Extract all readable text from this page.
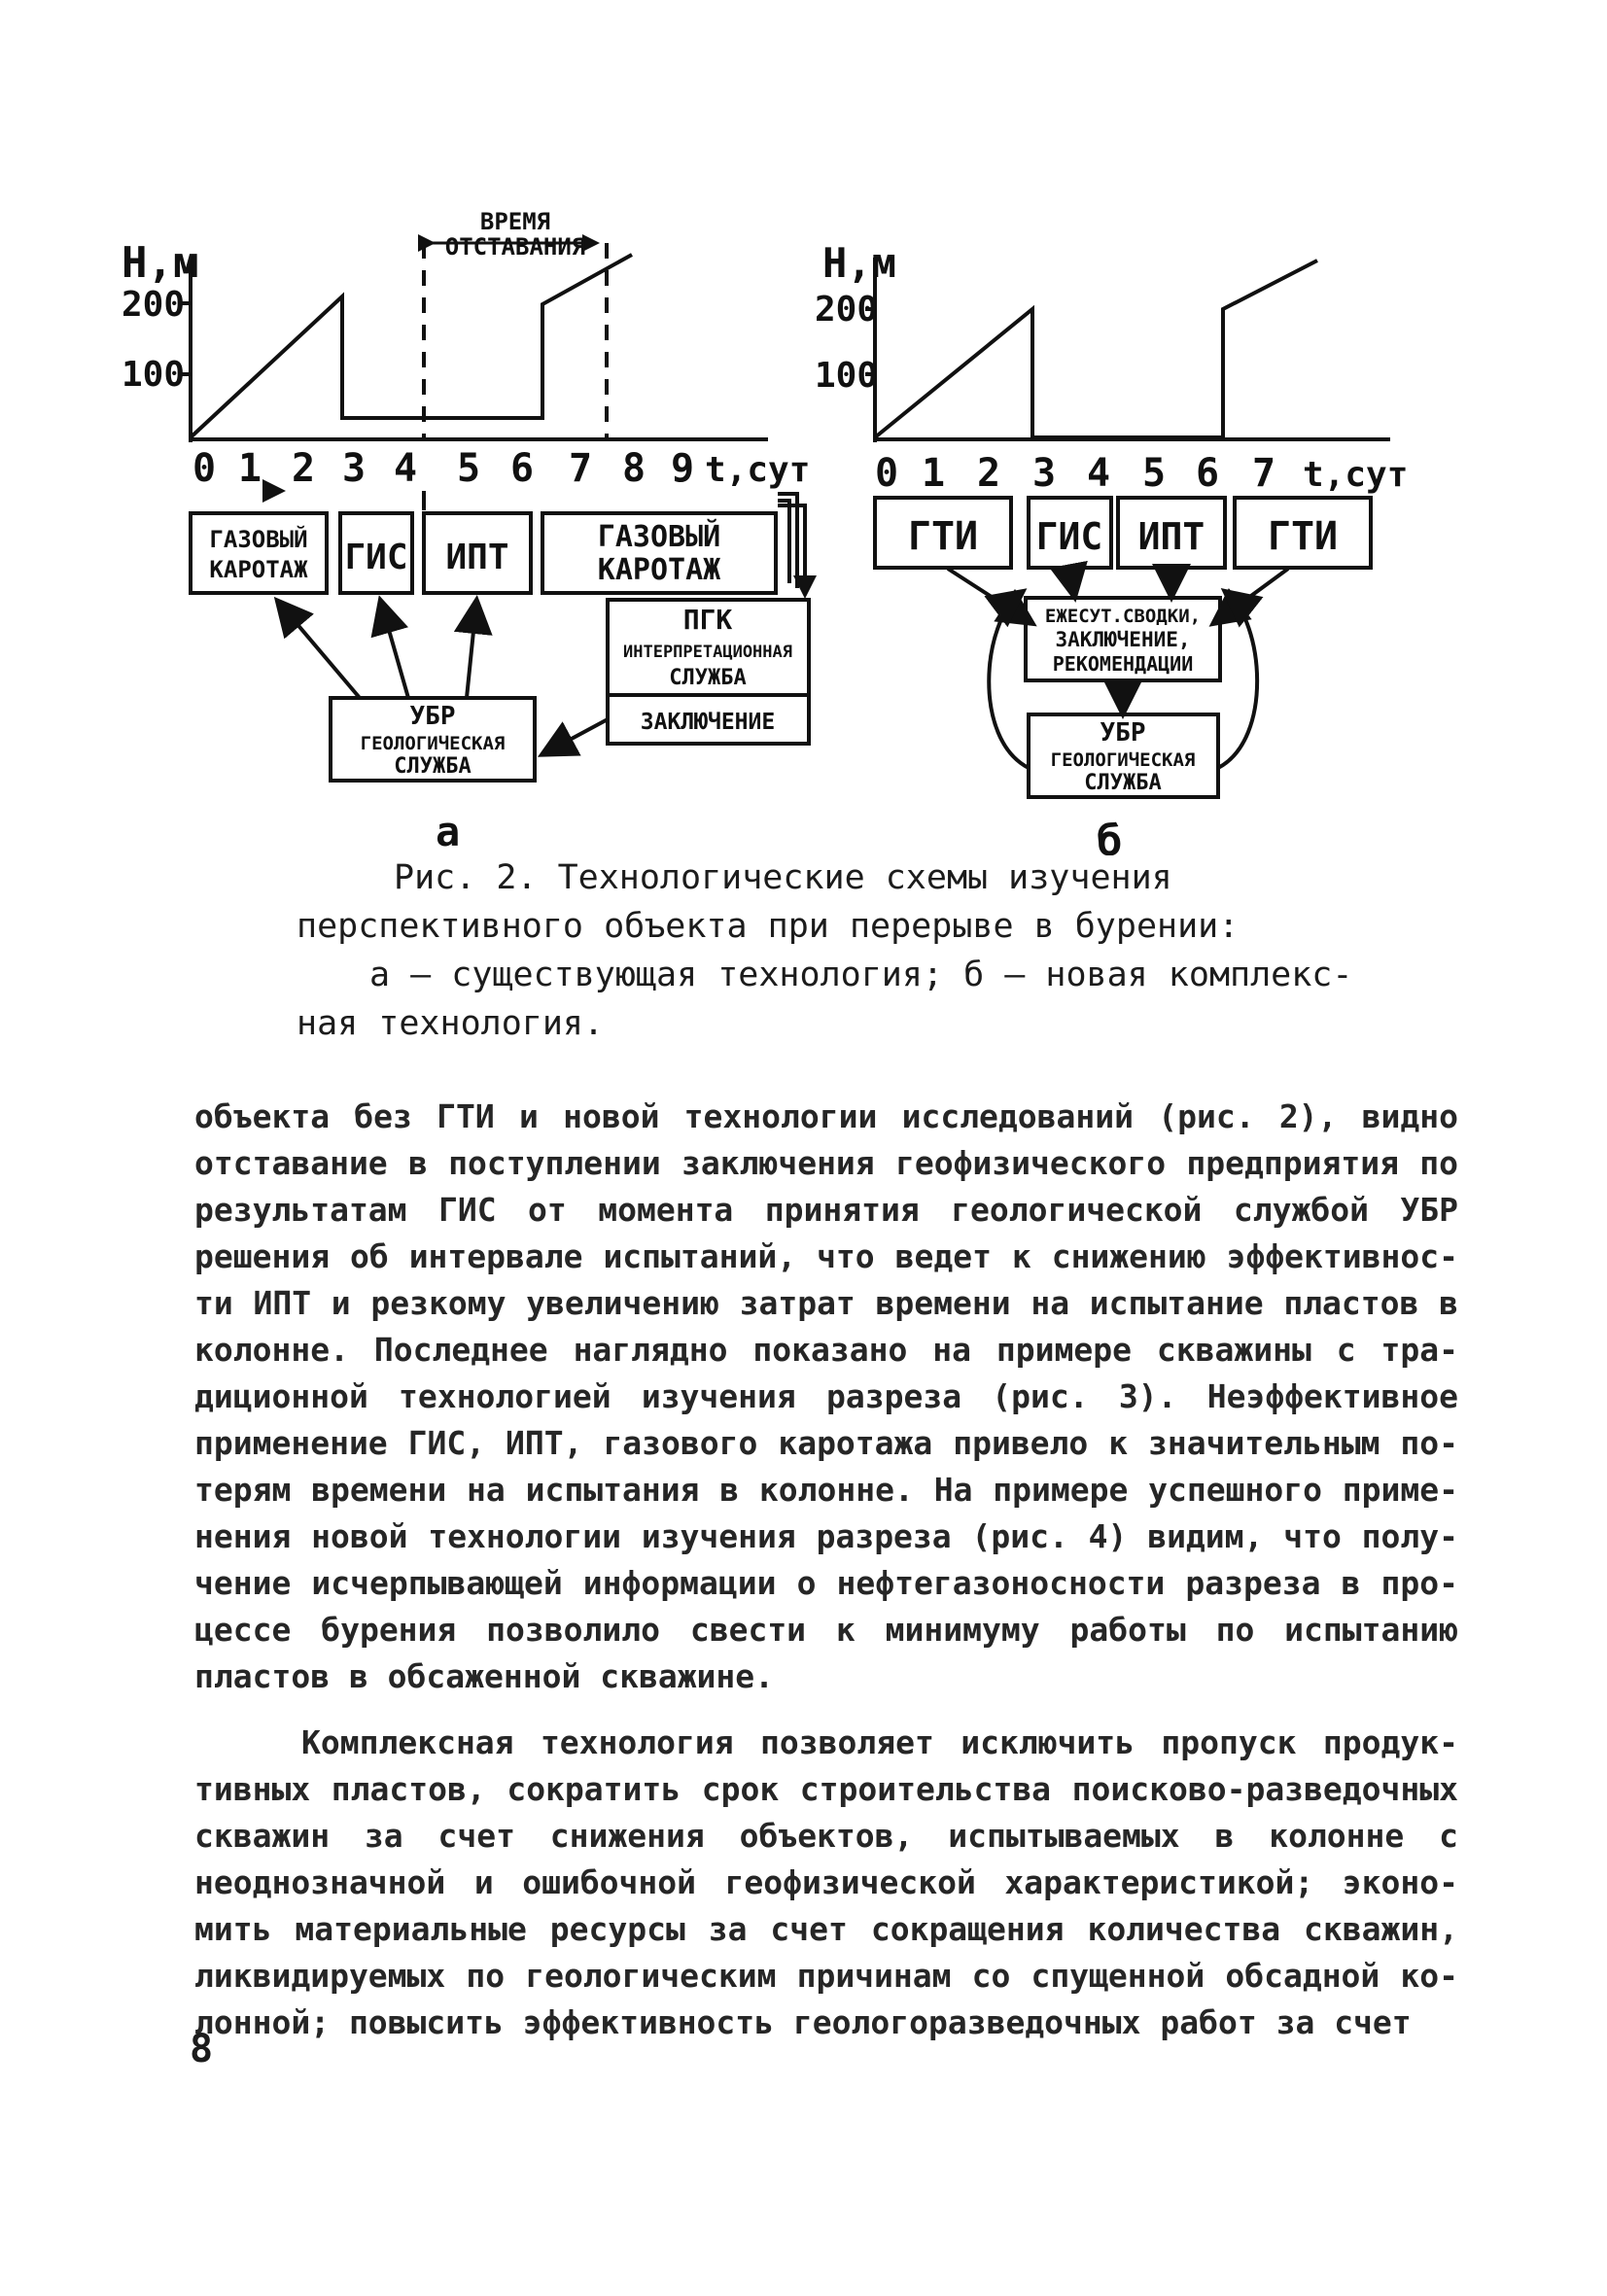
Н,м
200
100
ВРЕМЯ
ОТСТАВАНИЯ
0 1 2 3 4 5 6 7 8 9 t,сут
ГАЗОВЫЙ
КАРОТАЖ ГИС ИПТ
ГАЗОВЫЙ
КАРОТАЖ
ПГК
ИНТЕРПРЕТАЦИОННАЯ
СЛУЖБА
ЗАКЛЮЧЕНИЕ
УБР
ГЕОЛОГИЧЕСКАЯ
СЛУЖБА
а
Н,м
200
100
0 1 2 3 4 5 6 7 t,сут
ГТИ ГИС ИПТ ГТИ
ЕЖЕСУТ.СВОДКИ,
ЗАКЛЮЧЕНИЕ,
РЕКОМЕНДАЦИИ
УБР
ГЕОЛОГИЧЕСКАЯ
СЛУЖБА
б
Рис. 2. Технологические схемы изучения
перспективного объекта при перерыве в бурении:

а – существующая технология; б – новая комплекс-
ная технология.

объекта без ГТИ и новой технологии исследований (рис. 2), видно отставание в поступлении заключения геофизического предприятия по результатам ГИС от момента принятия геологической службой УБР решения об интервале испытаний, что ведет к снижению эффективности ИПТ и резкому увеличению затрат времени на испытание пластов в колонне. Последнее наглядно показано на примере скважины с традиционной технологией изучения разреза (рис. 3). Неэффективное применение ГИС, ИПТ, газового каротажа привело к значительным потерям времени на испытания в колонне. На примере успешного применения новой технологии изучения разреза (рис. 4) видим, что получение исчерпывающей информации о нефтегазоносности разреза в процессе бурения позволило свести к минимуму работы по испытанию пластов в обсаженной скважине.

Комплексная технология позволяет исключить пропуск продуктивных пластов, сократить срок строительства поисково-разведочных скважин за счет снижения объектов, испытываемых в колонне с неоднозначной и ошибочной геофизической характеристикой; экономить материальные ресурсы за счет сокращения количества скважин, ликвидируемых по геологическим причинам со спущенной обсадной колонной; повысить эффективность геологоразведочных работ за счет

8
